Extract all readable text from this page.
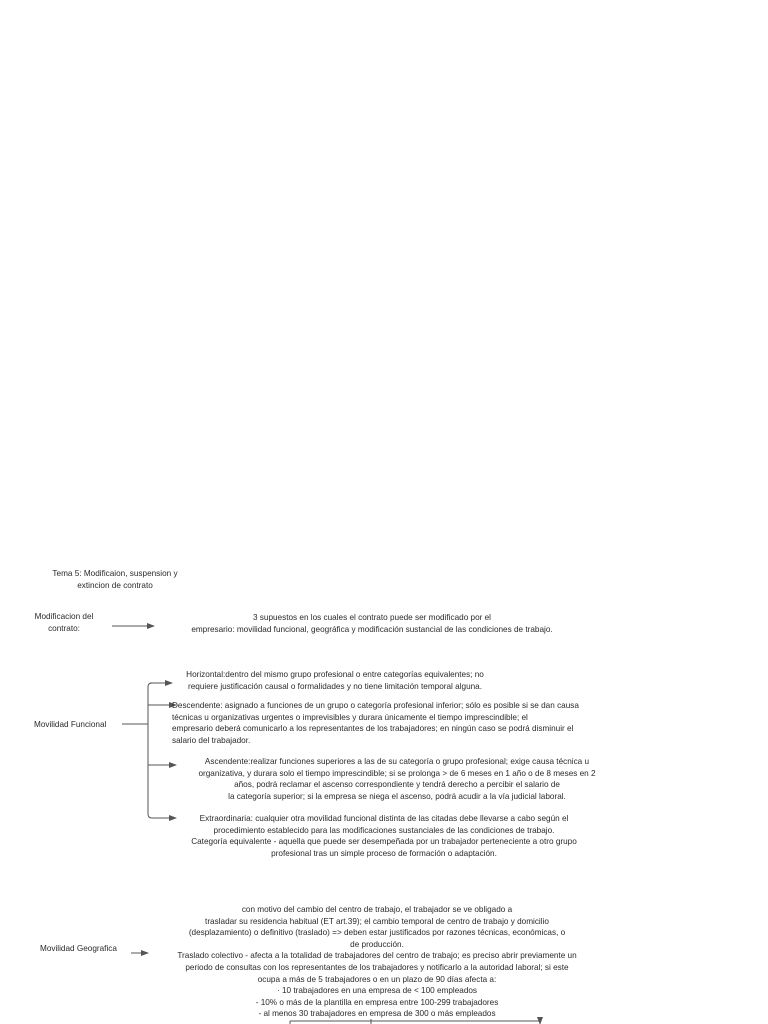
Tema 5: Modificaion, suspension y
extincion de contrato
Modificacion del
contrato:
3 supuestos en los cuales el contrato puede ser modificado por el
empresario: movilidad funcional, geográfica y modificación sustancial de las condiciones de trabajo.
Movilidad Funcional
Horizontal:dentro del mismo grupo profesional o entre categorías equivalentes; no
requiere justificación causal o formalidades y no tiene limitación temporal alguna.
Descendente: asignado a funciones de un grupo o categoría profesional inferior; sólo es posible si se dan causa
técnicas u organizativas urgentes o imprevisibles y durara únicamente el tiempo imprescindible; el
empresario deberá comunicarlo a los representantes de los trabajadores; en ningún caso se podrá disminuir el
salario del trabajador.
Ascendente:realizar funciones superiores a las de su categoría o grupo profesional; exige causa técnica u
organizativa, y durara solo el tiempo imprescindible; si se prolonga > de 6 meses en 1 año o de 8 meses en 2
años, podrá reclamar el ascenso correspondiente y tendrá derecho a percibir el salario de
la categoría superior; si la empresa se niega el ascenso, podrá acudir a la vía judicial laboral.
Extraordinaria: cualquier otra movilidad funcional distinta de las citadas debe llevarse a cabo según el
procedimiento establecido para las modificaciones sustanciales de las condiciones de trabajo.
Categoría equivalente - aquella que puede ser desempeñada por un trabajador perteneciente a otro grupo
profesional tras un simple proceso de formación o adaptación.
Movilidad Geografica
con motivo del cambio del centro de trabajo, el trabajador se ve obligado a
trasladar su residencia habitual (ET art.39); el cambio temporal de centro de trabajo y domicilio
(desplazamiento) o definitivo (traslado) => deben estar justificados por razones técnicas, económicas, o
de producción.
Traslado colectivo - afecta a la totalidad de trabajadores del centro de trabajo; es preciso abrir previamente un
periodo de consultas con los representantes de los trabajadores y notificarlo a la autoridad laboral; si este
ocupa a más de 5 trabajadores o en un plazo de 90 días afecta a:
· 10 trabajadores en una empresa de < 100 empleados
- 10% o más de la plantilla en empresa entre 100-299 trabajadores
- al menos 30 trabajadores en empresa de 300 o más empleados
